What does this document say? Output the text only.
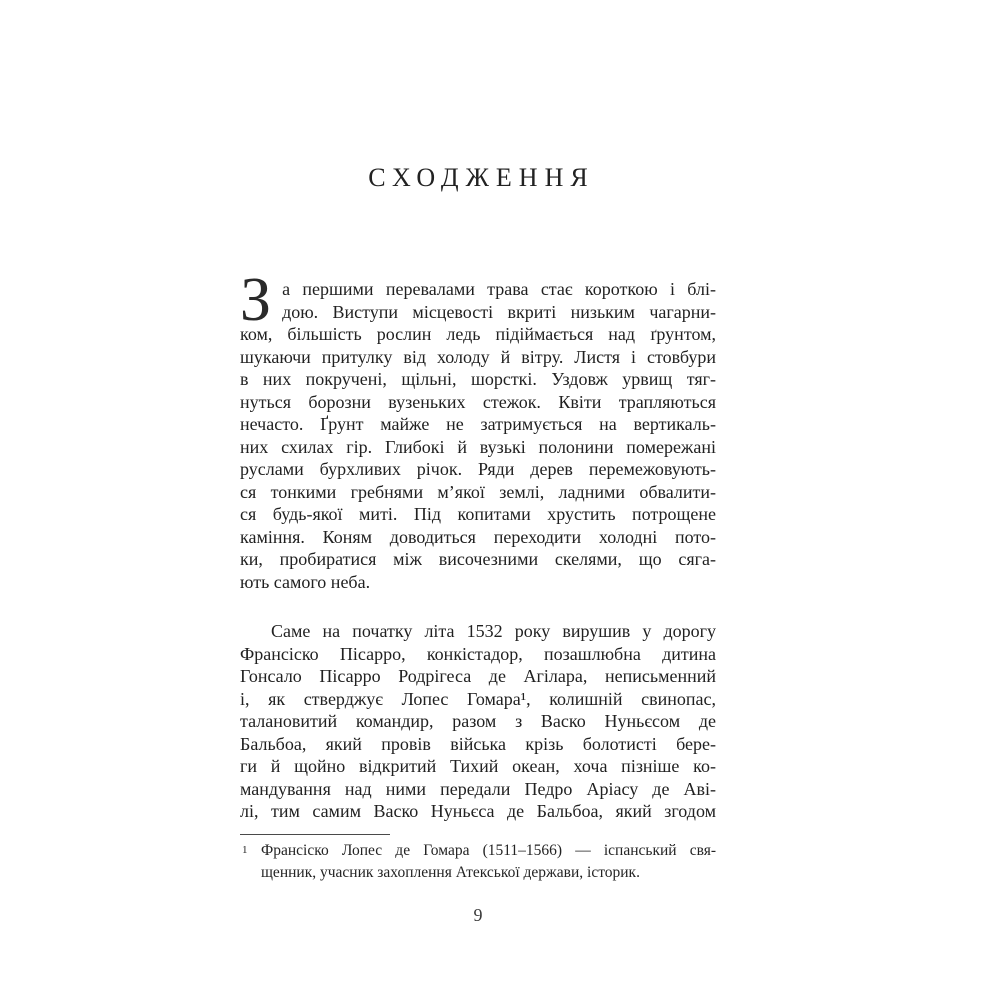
СХОДЖЕННЯ
З а першими перевалами трава стає короткою і блі-
дою. Виступи місцевості вкриті низьким чагарни-
ком, більшість рослин ледь підіймається над ґрунтом,
шукаючи притулку від холоду й вітру. Листя і стовбури
в них покручені, щільні, шорсткі. Уздовж урвищ тяг-
нуться борозни вузеньких стежок. Квіти трапляються
нечасто. Ґрунт майже не затримується на вертикаль-
них схилах гір. Глибокі й вузькі полонини помережані
руслами бурхливих річок. Ряди дерев перемежовують-
ся тонкими гребнями м’якої землі, ладними обвалити-
ся будь-якої миті. Під копитами хрустить потрощене
каміння. Коням доводиться переходити холодні пото-
ки, пробиратися між височезними скелями, що сяга-
ють самого неба.
Саме на початку літа 1532 року вирушив у дорогу
Франсіско Пісарро, конкістадор, позашлюбна дитина
Гонсало Пісарро Родрігеса де Агілара, неписьменний
і, як стверджує Лопес Гомара¹, колишній свинопас,
талановитий командир, разом з Васко Нуньєсом де
Бальбоа, який провів війська крізь болотисті бере-
ги й щойно відкритий Тихий океан, хоча пізніше ко-
мандування над ними передали Педро Аріасу де Аві-
лі, тим самим Васко Нуньєса де Бальбоа, який згодом
1 Франсіско Лопес де Гомара (1511–1566) — іспанський свя-
щенник, учасник захоплення Атекської держави, історик.
9
